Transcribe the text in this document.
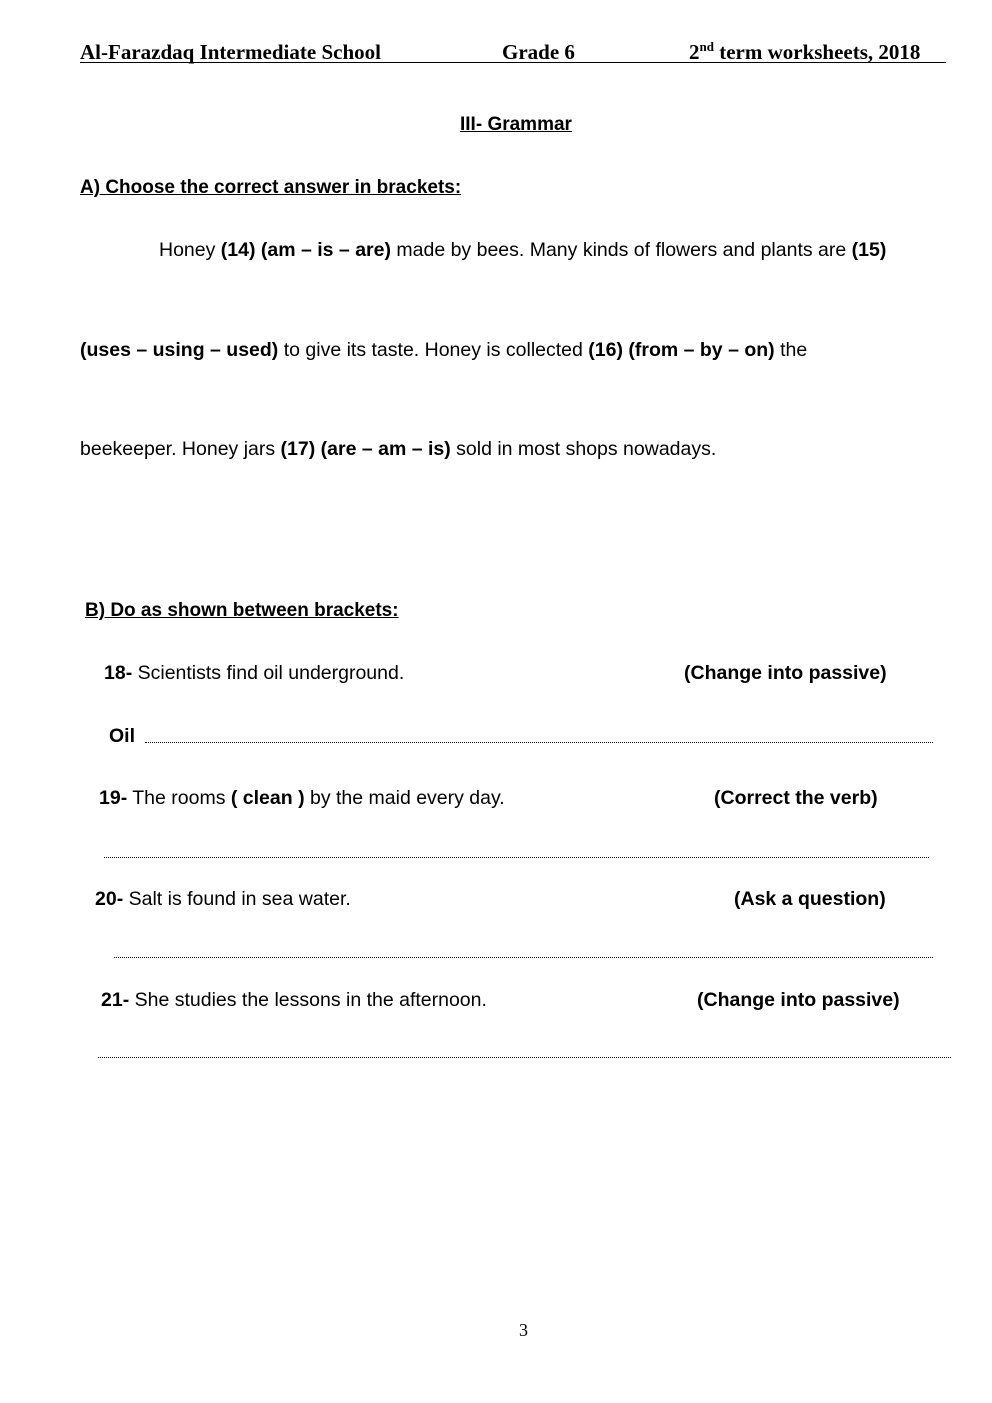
Al-Farazdaq Intermediate School	Grade 6	2nd term worksheets, 2018
III- Grammar
A) Choose the correct answer in brackets:
Honey (14) (am – is – are) made by bees. Many kinds of flowers and plants are (15)
(uses – using – used) to give its taste. Honey is collected (16) (from – by – on) the
beekeeper. Honey jars (17) (are – am – is) sold in most shops nowadays.
B) Do as shown between brackets:
18- Scientists find oil underground.	(Change into passive)
Oil
19- The rooms ( clean ) by the maid every day.	(Correct the verb)
20- Salt is found in sea water.	(Ask a question)
21- She studies the lessons in the afternoon.	(Change into passive)
3
